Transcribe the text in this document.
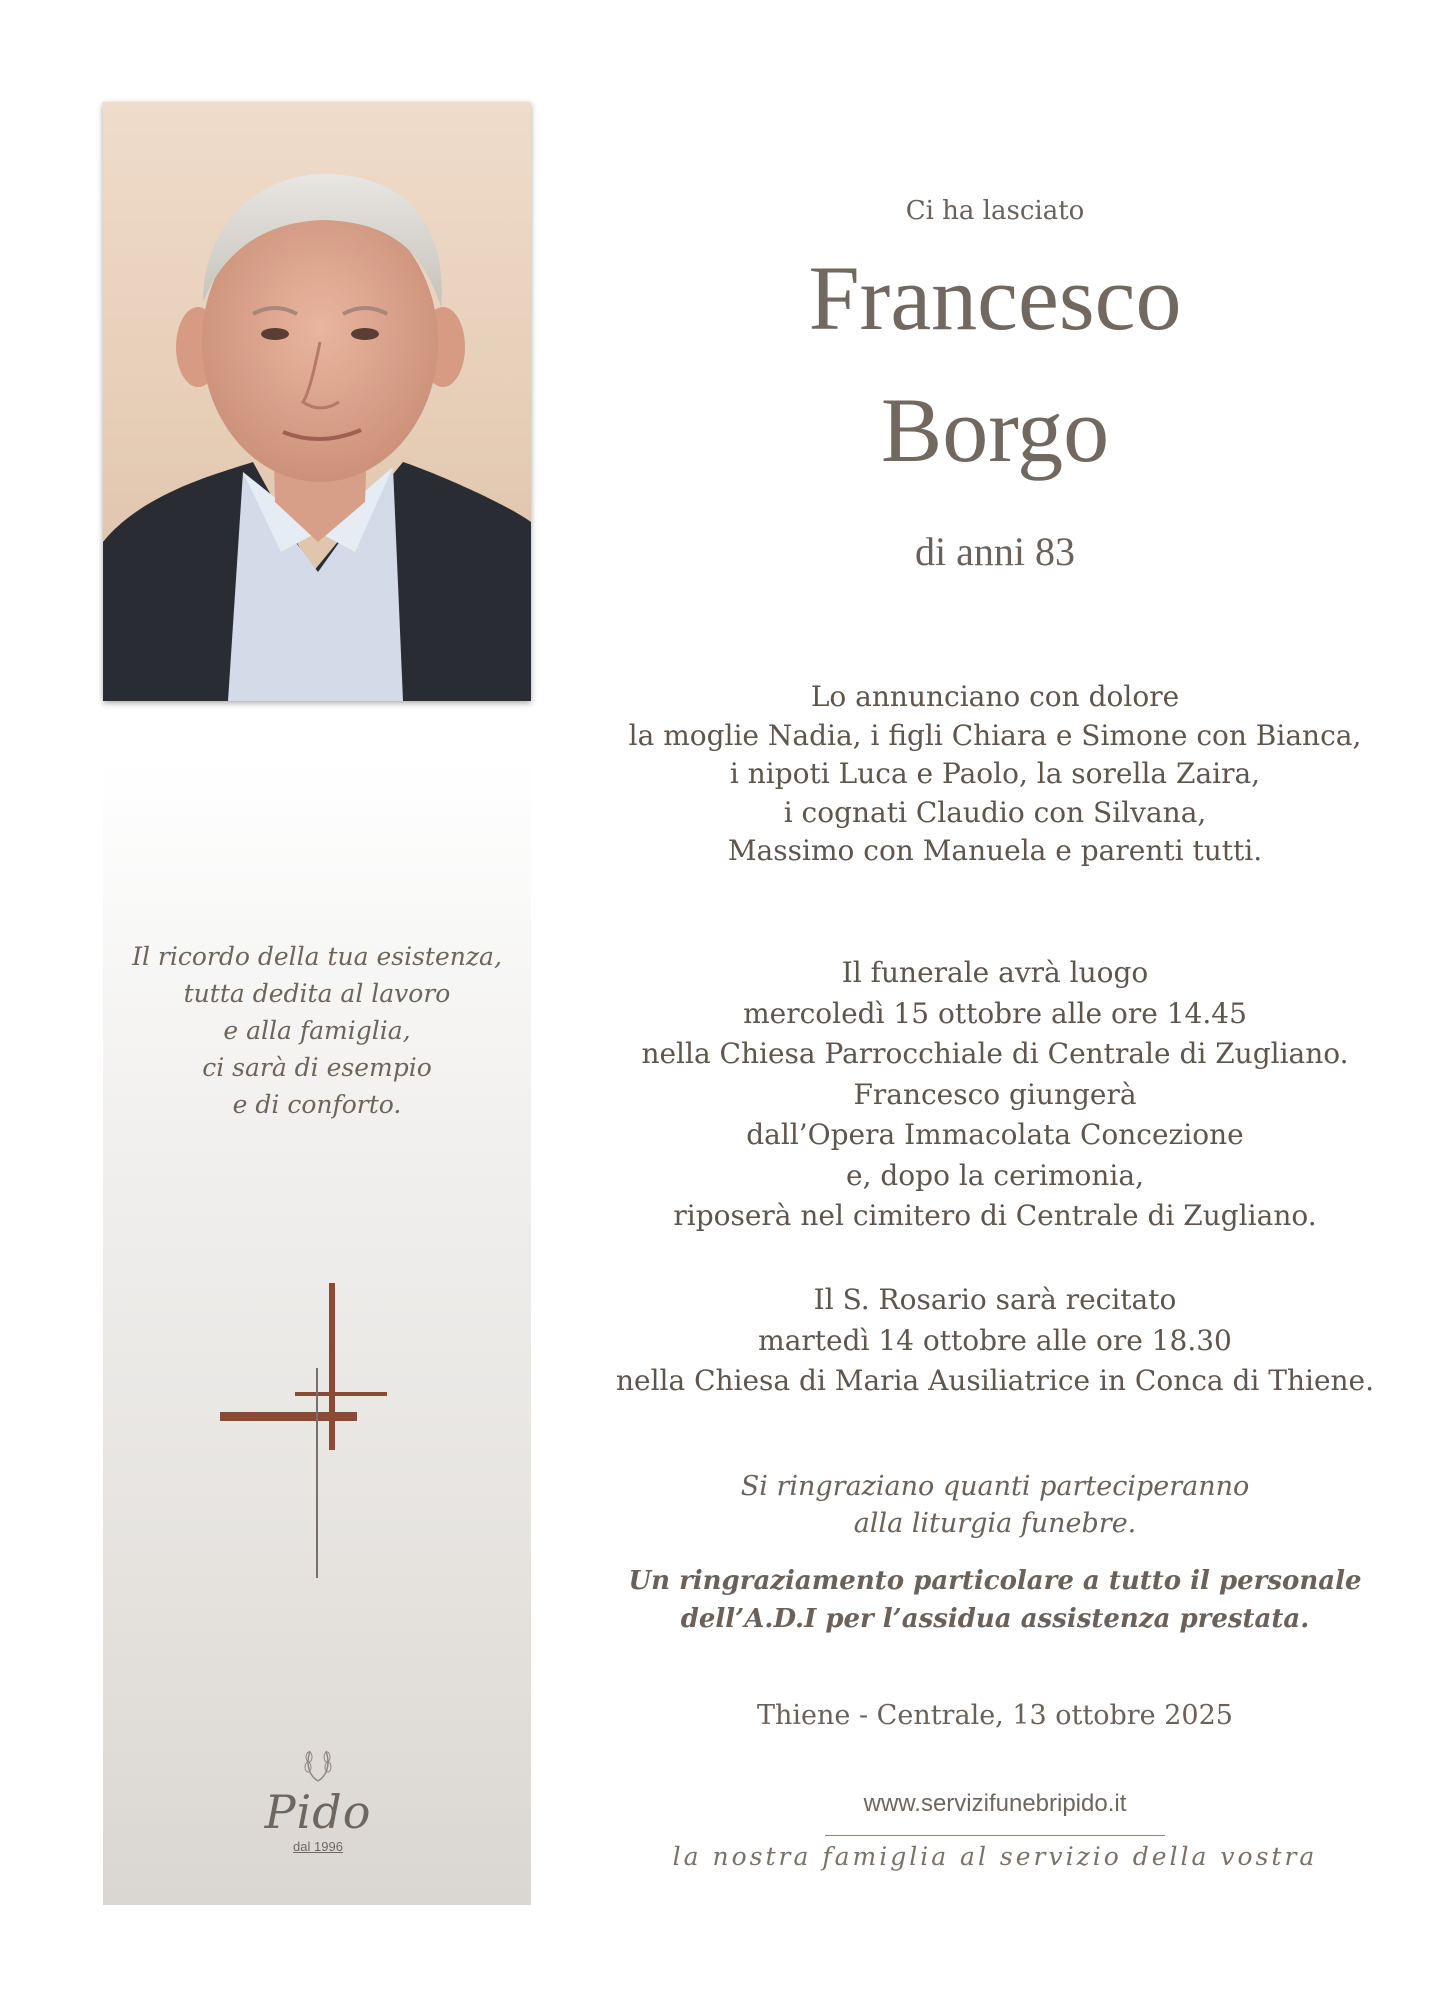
Il ricordo della tua esistenza,
tutta dedita al lavoro
e alla famiglia,
ci sarà di esempio
e di conforto.
Pido
dal 1996
Ci ha lasciato
Francesco
Borgo
di anni 83
Lo annunciano con dolore
la moglie Nadia, i figli Chiara e Simone con Bianca,
i nipoti Luca e Paolo, la sorella Zaira,
i cognati Claudio con Silvana,
Massimo con Manuela e parenti tutti.
Il funerale avrà luogo
mercoledì 15 ottobre alle ore 14.45
nella Chiesa Parrocchiale di Centrale di Zugliano.
Francesco giungerà
dall’Opera Immacolata Concezione
e, dopo la cerimonia,
riposerà nel cimitero di Centrale di Zugliano.
Il S. Rosario sarà recitato
martedì 14 ottobre alle ore 18.30
nella Chiesa di Maria Ausiliatrice in Conca di Thiene.
Si ringraziano quanti parteciperanno
alla liturgia funebre.
Un ringraziamento particolare a tutto il personale
dell’A.D.I per l’assidua assistenza prestata.
Thiene - Centrale, 13 ottobre 2025
www.servizifunebripido.it
la nostra famiglia al servizio della vostra
